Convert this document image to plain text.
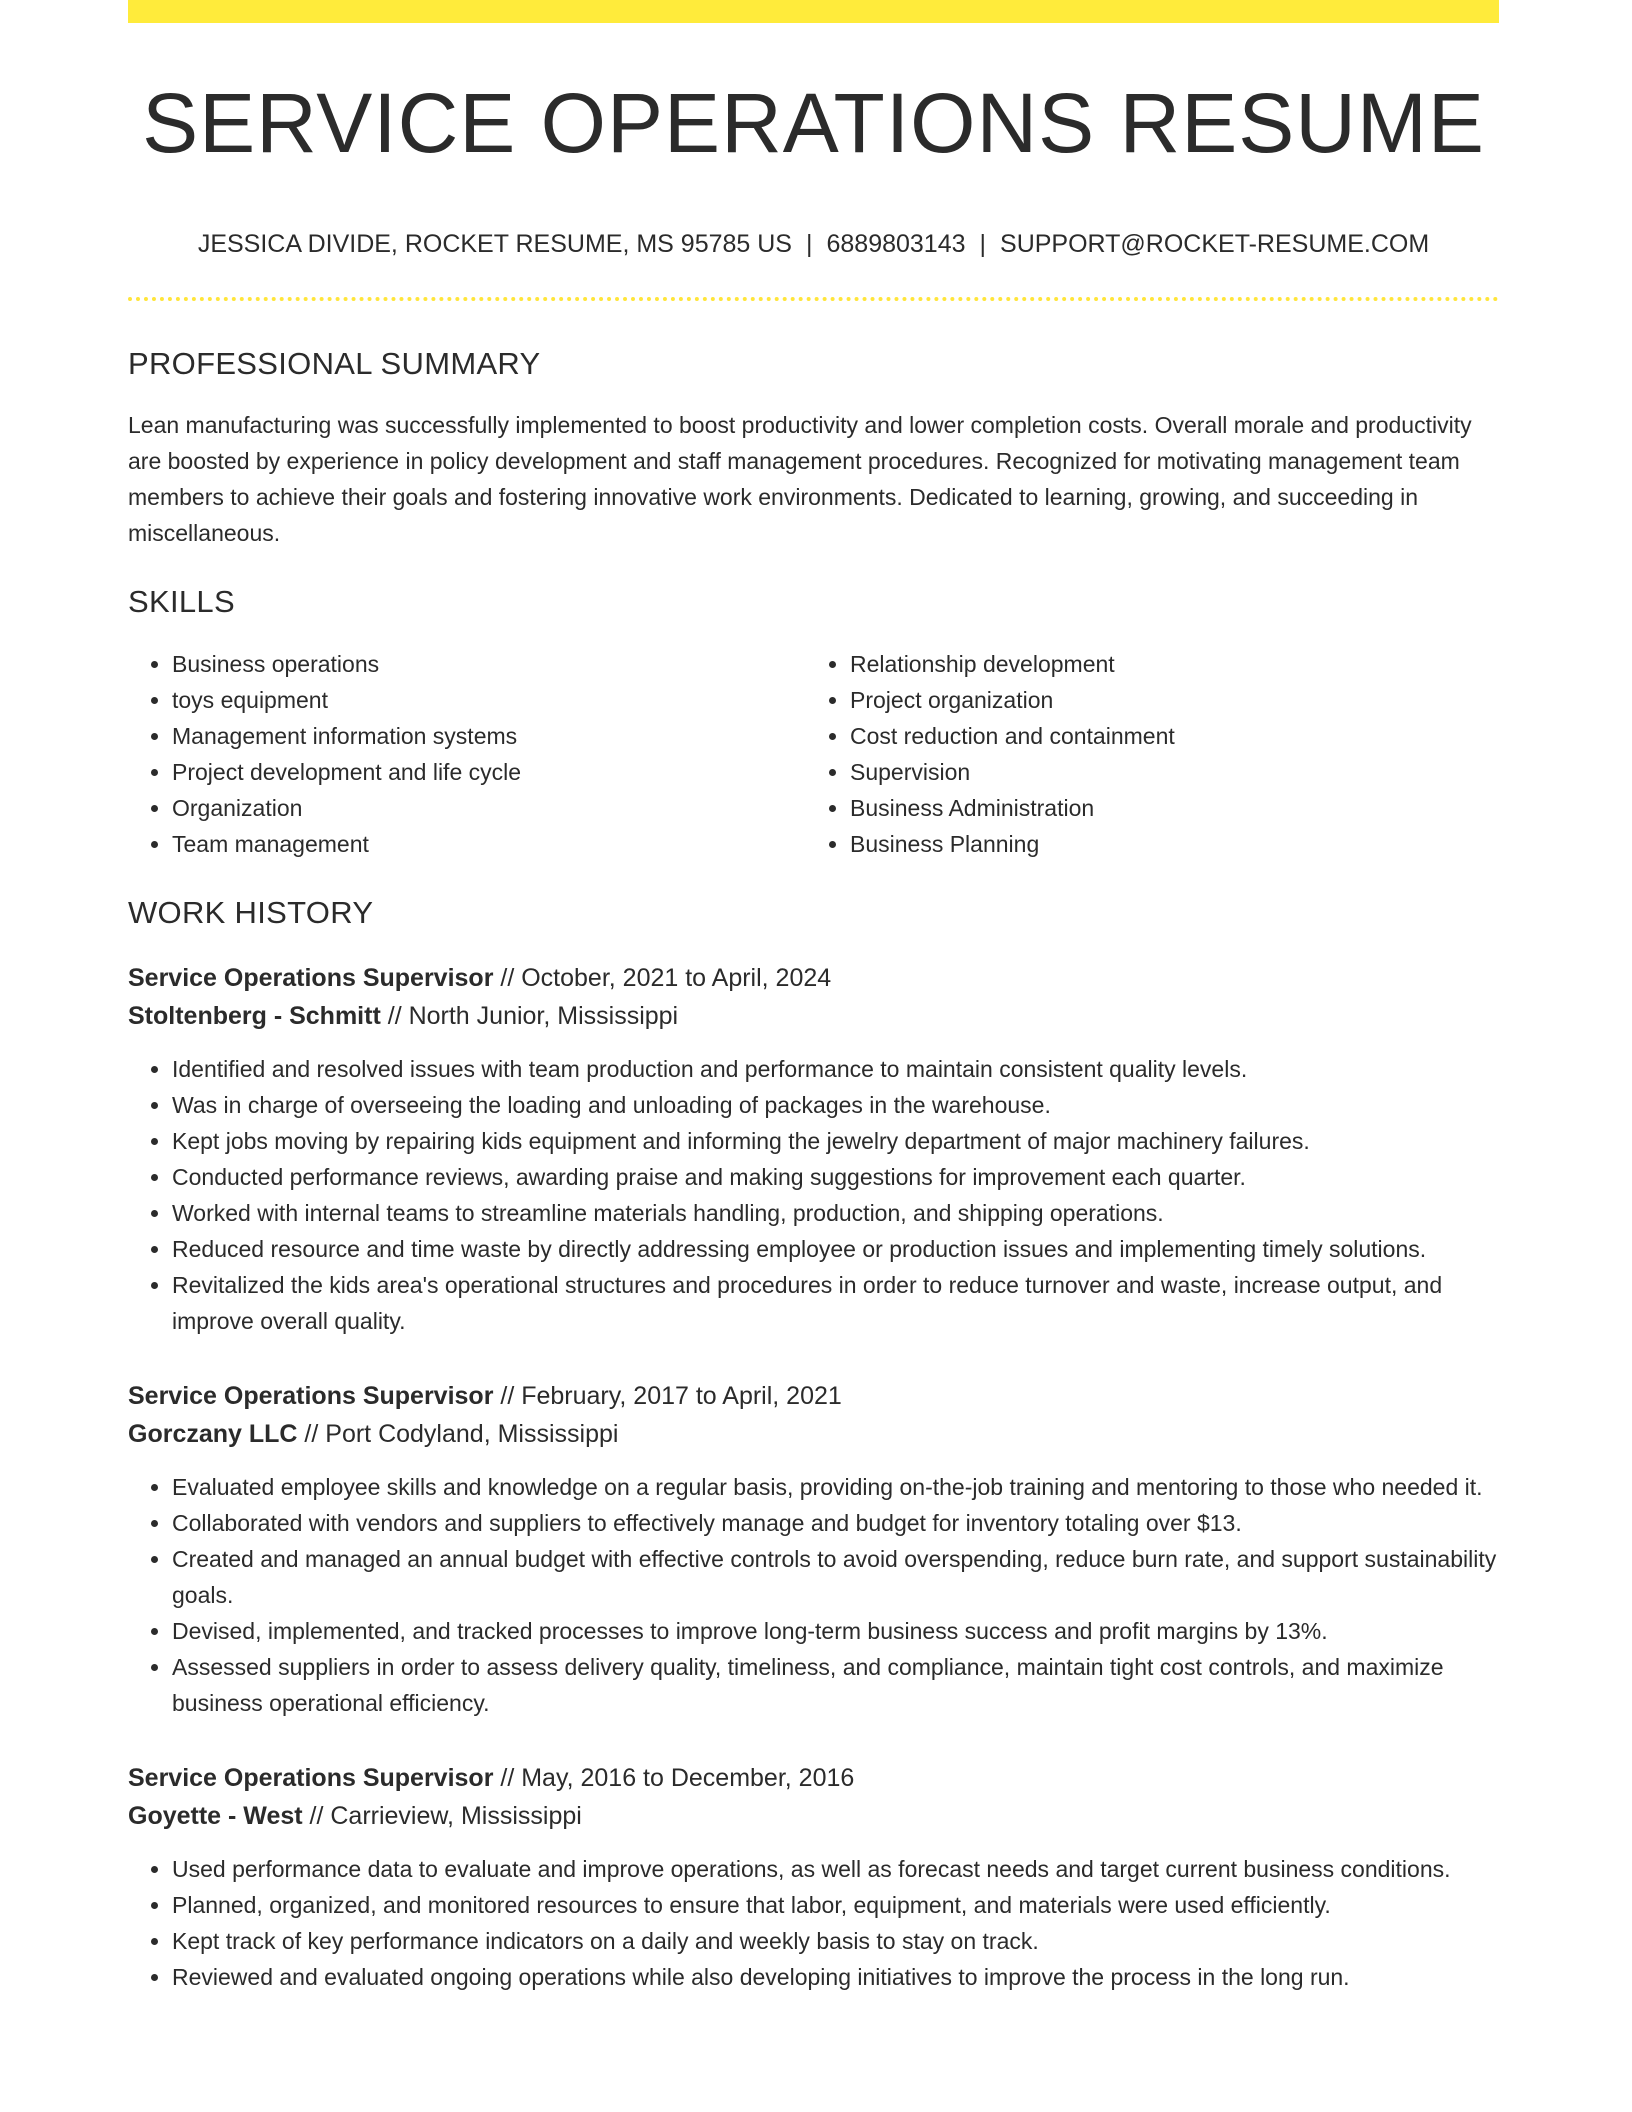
SERVICE OPERATIONS RESUME
JESSICA DIVIDE, ROCKET RESUME, MS 95785 US | 6889803143 | SUPPORT@ROCKET-RESUME.COM
PROFESSIONAL SUMMARY

Lean manufacturing was successfully implemented to boost productivity and lower completion costs. Overall morale and productivity are boosted by experience in policy development and staff management procedures. Recognized for motivating management team members to achieve their goals and fostering innovative work environments. Dedicated to learning, growing, and succeeding in miscellaneous.

SKILLS
• Business operations
• toys equipment
• Management information systems
• Project development and life cycle
• Organization
• Team management
• Relationship development
• Project organization
• Cost reduction and containment
• Supervision
• Business Administration
• Business Planning
WORK HISTORY
Service Operations Supervisor // October, 2021 to April, 2024
Stoltenberg - Schmitt // North Junior, Mississippi
• Identified and resolved issues with team production and performance to maintain consistent quality levels.
• Was in charge of overseeing the loading and unloading of packages in the warehouse.
• Kept jobs moving by repairing kids equipment and informing the jewelry department of major machinery failures.
• Conducted performance reviews, awarding praise and making suggestions for improvement each quarter.
• Worked with internal teams to streamline materials handling, production, and shipping operations.
• Reduced resource and time waste by directly addressing employee or production issues and implementing timely solutions.
• Revitalized the kids area's operational structures and procedures in order to reduce turnover and waste, increase output, and improve overall quality.
Service Operations Supervisor // February, 2017 to April, 2021
Gorczany LLC // Port Codyland, Mississippi
• Evaluated employee skills and knowledge on a regular basis, providing on-the-job training and mentoring to those who needed it.
• Collaborated with vendors and suppliers to effectively manage and budget for inventory totaling over $13.
• Created and managed an annual budget with effective controls to avoid overspending, reduce burn rate, and support sustainability goals.
• Devised, implemented, and tracked processes to improve long-term business success and profit margins by 13%.
• Assessed suppliers in order to assess delivery quality, timeliness, and compliance, maintain tight cost controls, and maximize business operational efficiency.
Service Operations Supervisor // May, 2016 to December, 2016
Goyette - West // Carrieview, Mississippi
• Used performance data to evaluate and improve operations, as well as forecast needs and target current business conditions.
• Planned, organized, and monitored resources to ensure that labor, equipment, and materials were used efficiently.
• Kept track of key performance indicators on a daily and weekly basis to stay on track.
• Reviewed and evaluated ongoing operations while also developing initiatives to improve the process in the long run.
